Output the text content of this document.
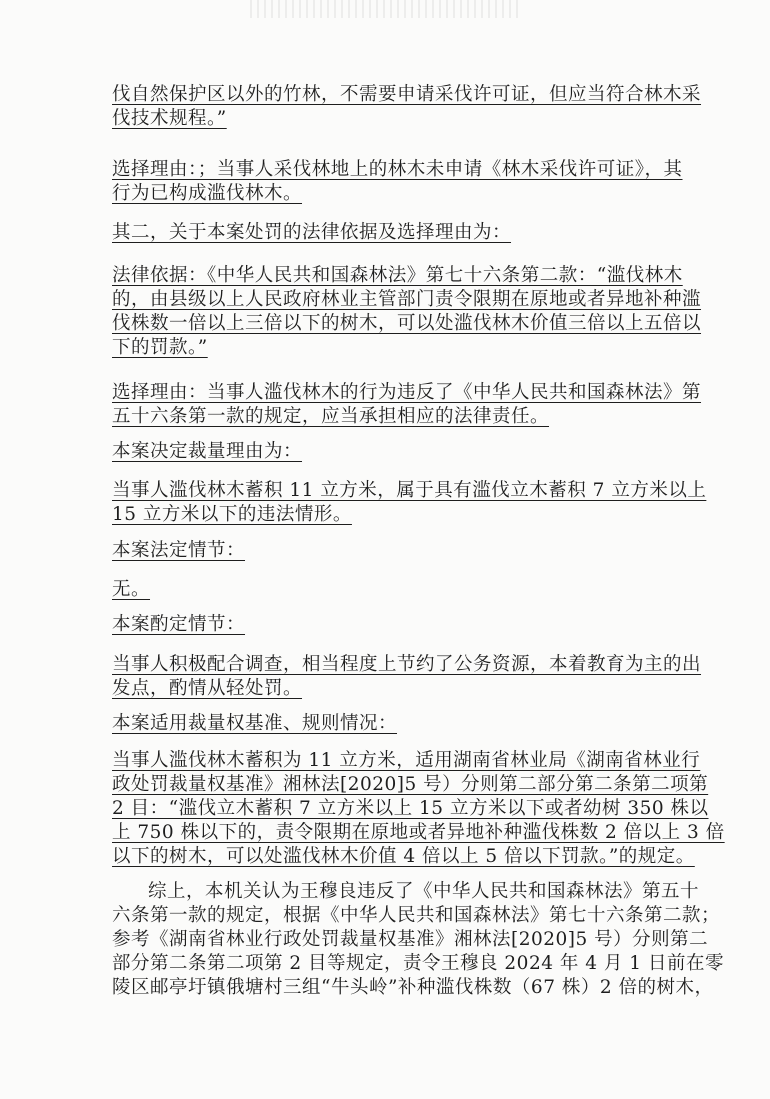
伐自然保护区以外的竹林，不需要申请采伐许可证，但应当符合林木采
伐技术规程。”

选择理由：；当事人采伐林地上的林木未申请《林木采伐许可证》，其
行为已构成滥伐林木。

其二，关于本案处罚的法律依据及选择理由为：

法律依据：《中华人民共和国森林法》第七十六条第二款：“滥伐林木
的，由县级以上人民政府林业主管部门责令限期在原地或者异地补种滥
伐株数一倍以上三倍以下的树木，可以处滥伐林木价值三倍以上五倍以
下的罚款。”

选择理由：当事人滥伐林木的行为违反了《中华人民共和国森林法》第
五十六条第一款的规定，应当承担相应的法律责任。

本案决定裁量理由为：

当事人滥伐林木蓄积 11 立方米，属于具有滥伐立木蓄积 7 立方米以上
15 立方米以下的违法情形。

本案法定情节：

无。

本案酌定情节：

当事人积极配合调查，相当程度上节约了公务资源，本着教育为主的出
发点，酌情从轻处罚。

本案适用裁量权基准、规则情况：

当事人滥伐林木蓄积为 11 立方米，适用湖南省林业局《湖南省林业行
政处罚裁量权基准》湘林法[2020]5 号）分则第二部分第二条第二项第
2 目：“滥伐立木蓄积 7 立方米以上 15 立方米以下或者幼树 350 株以
上 750 株以下的，责令限期在原地或者异地补种滥伐株数 2 倍以上 3 倍
以下的树木，可以处滥伐林木价值 4 倍以上 5 倍以下罚款。”的规定。

综上，本机关认为王穆良违反了《中华人民共和国森林法》第五十
六条第一款的规定，根据《中华人民共和国森林法》第七十六条第二款；
参考《湖南省林业行政处罚裁量权基准》湘林法[2020]5 号）分则第二
部分第二条第二项第 2 目等规定，责令王穆良 2024 年 4 月 1 日前在零
陵区邮亭圩镇俄塘村三组“牛头岭”补种滥伐株数（67 株）2 倍的树木，
